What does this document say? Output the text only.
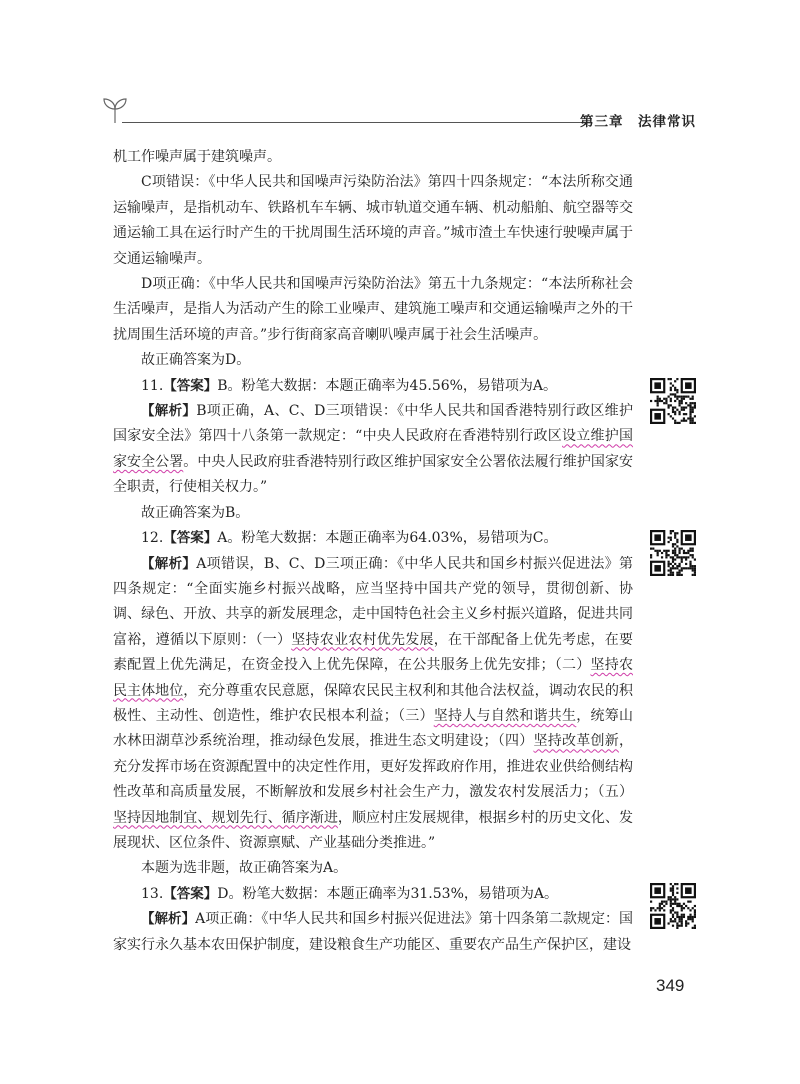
第三章　法律常识

机工作噪声属于建筑噪声。

C项错误：《中华人民共和国噪声污染防治法》第四十四条规定：“本法所称交通运输噪声，是指机动车、铁路机车车辆、城市轨道交通车辆、机动船舶、航空器等交通运输工具在运行时产生的干扰周围生活环境的声音。”城市渣土车快速行驶噪声属于交通运输噪声。

D项正确：《中华人民共和国噪声污染防治法》第五十九条规定：“本法所称社会生活噪声，是指人为活动产生的除工业噪声、建筑施工噪声和交通运输噪声之外的干扰周围生活环境的声音。”步行街商家高音喇叭噪声属于社会生活噪声。

故正确答案为D。

11.【答案】B。粉笔大数据：本题正确率为45.56%，易错项为A。

【解析】B项正确，A、C、D三项错误：《中华人民共和国香港特别行政区维护国家安全法》第四十八条第一款规定：“中央人民政府在香港特别行政区设立维护国家安全公署。中央人民政府驻香港特别行政区维护国家安全公署依法履行维护国家安全职责，行使相关权力。”

故正确答案为B。

12.【答案】A。粉笔大数据：本题正确率为64.03%，易错项为C。

【解析】A项错误，B、C、D三项正确：《中华人民共和国乡村振兴促进法》第四条规定：“全面实施乡村振兴战略，应当坚持中国共产党的领导，贯彻创新、协调、绿色、开放、共享的新发展理念，走中国特色社会主义乡村振兴道路，促进共同富裕，遵循以下原则：（一）坚持农业农村优先发展，在干部配备上优先考虑，在要素配置上优先满足，在资金投入上优先保障，在公共服务上优先安排；（二）坚持农民主体地位，充分尊重农民意愿，保障农民民主权利和其他合法权益，调动农民的积极性、主动性、创造性，维护农民根本利益；（三）坚持人与自然和谐共生，统筹山水林田湖草沙系统治理，推动绿色发展，推进生态文明建设；（四）坚持改革创新，充分发挥市场在资源配置中的决定性作用，更好发挥政府作用，推进农业供给侧结构性改革和高质量发展，不断解放和发展乡村社会生产力，激发农村发展活力；（五）坚持因地制宜、规划先行、循序渐进，顺应村庄发展规律，根据乡村的历史文化、发展现状、区位条件、资源禀赋、产业基础分类推进。”

本题为选非题，故正确答案为A。

13.【答案】D。粉笔大数据：本题正确率为31.53%，易错项为A。

【解析】A项正确：《中华人民共和国乡村振兴促进法》第十四条第二款规定：国家实行永久基本农田保护制度，建设粮食生产功能区、重要农产品生产保护区，建设

349
